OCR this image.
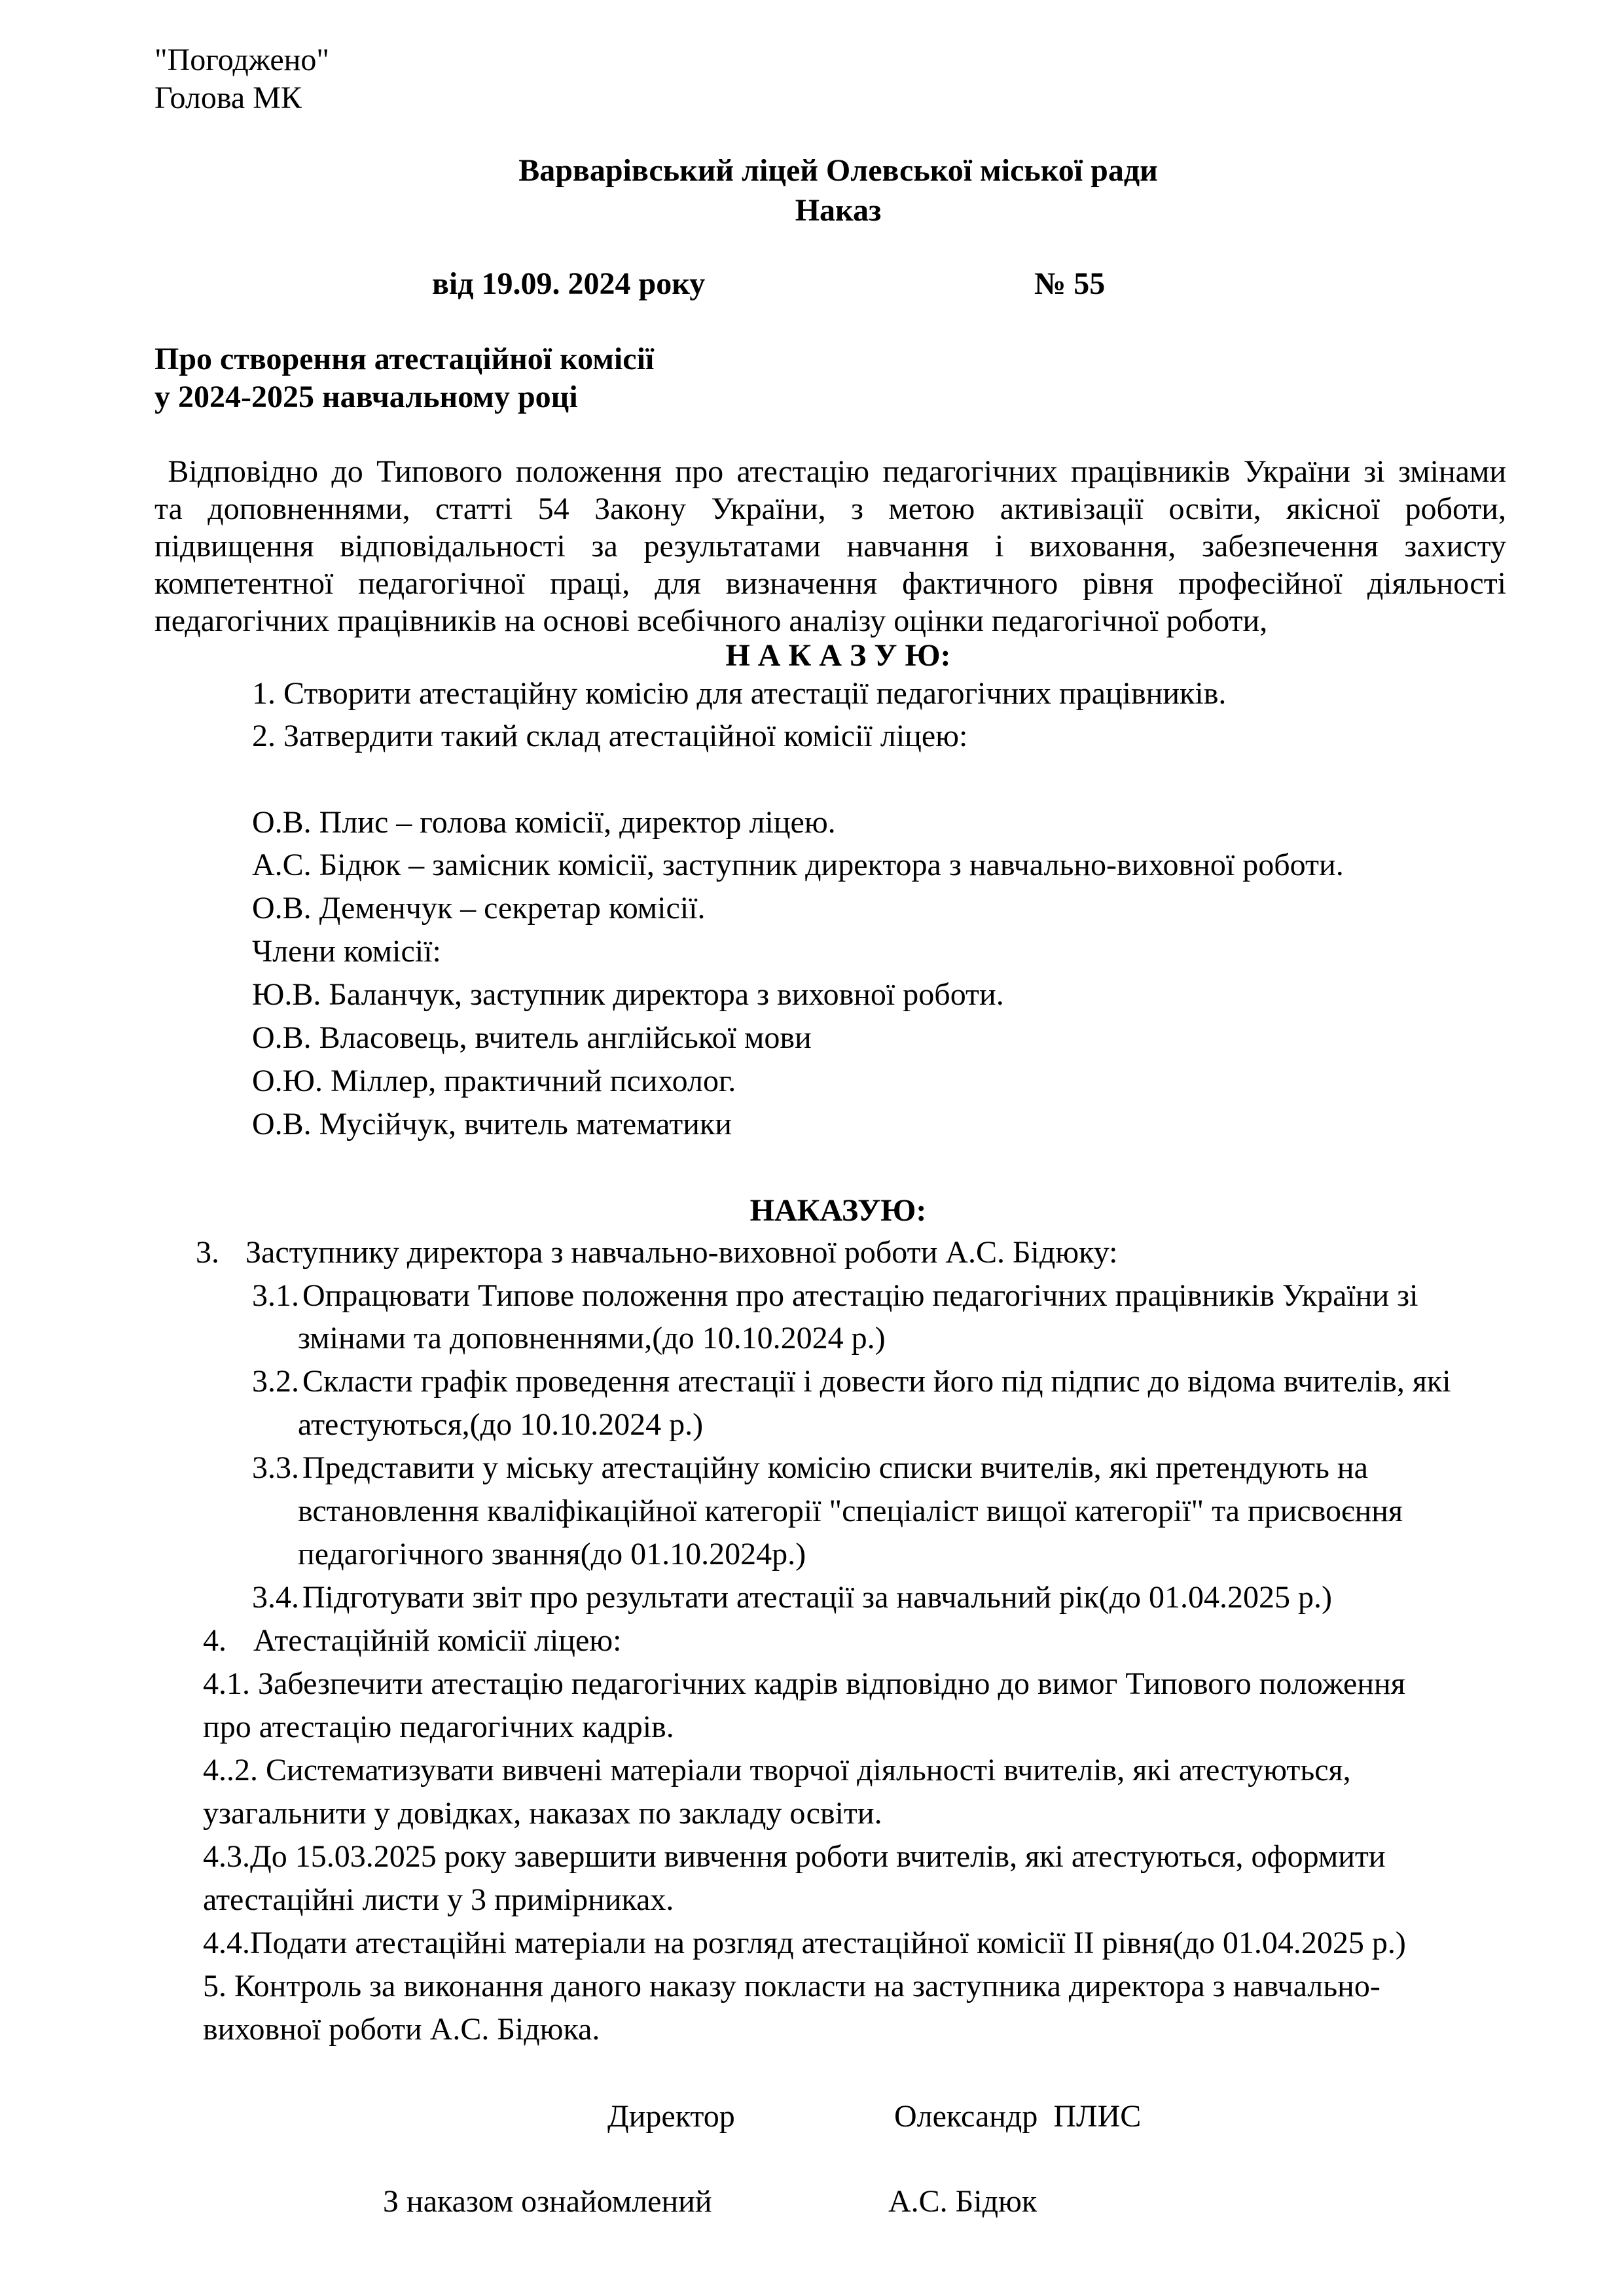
"Погоджено"
Голова МК
Варварівський ліцей Олевської міської ради
Наказ
від 19.09. 2024 року	№ 55
Про створення атестаційної комісії
у 2024-2025 навчальному році
Відповідно до Типового положення про атестацію педагогічних працівників України зі змінами
та доповненнями, статті 54 Закону України, з метою активізації освіти, якісної роботи,
підвищення відповідальності за результатами навчання і виховання, забезпечення захисту
компетентної педагогічної праці, для визначення фактичного рівня професійної діяльності
педагогічних працівників на основі всебічного аналізу оцінки педагогічної роботи,
Н А К А З У Ю:
1. Створити атестаційну комісію для атестації педагогічних працівників.
2. Затвердити такий склад атестаційної комісії ліцею:
О.В. Плис – голова комісії, директор ліцею.
А.С. Бідюк – замісник комісії, заступник директора з навчально-виховної роботи.
О.В. Деменчук – секретар комісії.
Члени комісії:
Ю.В. Баланчук, заступник директора з виховної роботи.
О.В. Власовець, вчитель англійської мови
О.Ю. Міллер, практичний психолог.
О.В. Мусійчук, вчитель математики
НАКАЗУЮ:
3. Заступнику директора з навчально-виховної роботи А.С. Бідюку:
3.1. Опрацювати Типове положення про атестацію педагогічних працівників України зі
змінами та доповненнями,(до 10.10.2024 р.)
3.2. Скласти графік проведення атестації і довести його під підпис до відома вчителів, які
атестуються,(до 10.10.2024 р.)
3.3. Представити у міську атестаційну комісію списки вчителів, які претендують на
встановлення кваліфікаційної категорії "спеціаліст вищої категорії" та присвоєння
педагогічного звання(до 01.10.2024р.)
3.4. Підготувати звіт про результати атестації за навчальний рік(до 01.04.2025 р.)
4. Атестаційній комісії ліцею:
4.1. Забезпечити атестацію педагогічних кадрів відповідно до вимог Типового положення
про атестацію педагогічних кадрів.
4..2. Систематизувати вивчені матеріали творчої діяльності вчителів, які атестуються,
узагальнити у довідках, наказах по закладу освіти.
4.3.До 15.03.2025 року завершити вивчення роботи вчителів, які атестуються, оформити
атестаційні листи у 3 примірниках.
4.4.Подати атестаційні матеріали на розгляд атестаційної комісії ІІ рівня(до 01.04.2025 р.)
5. Контроль за виконання даного наказу покласти на заступника директора з навчально-
виховної роботи А.С. Бідюка.
Директор	Олександр  ПЛИС
З наказом ознайомлений	А.С. Бідюк
